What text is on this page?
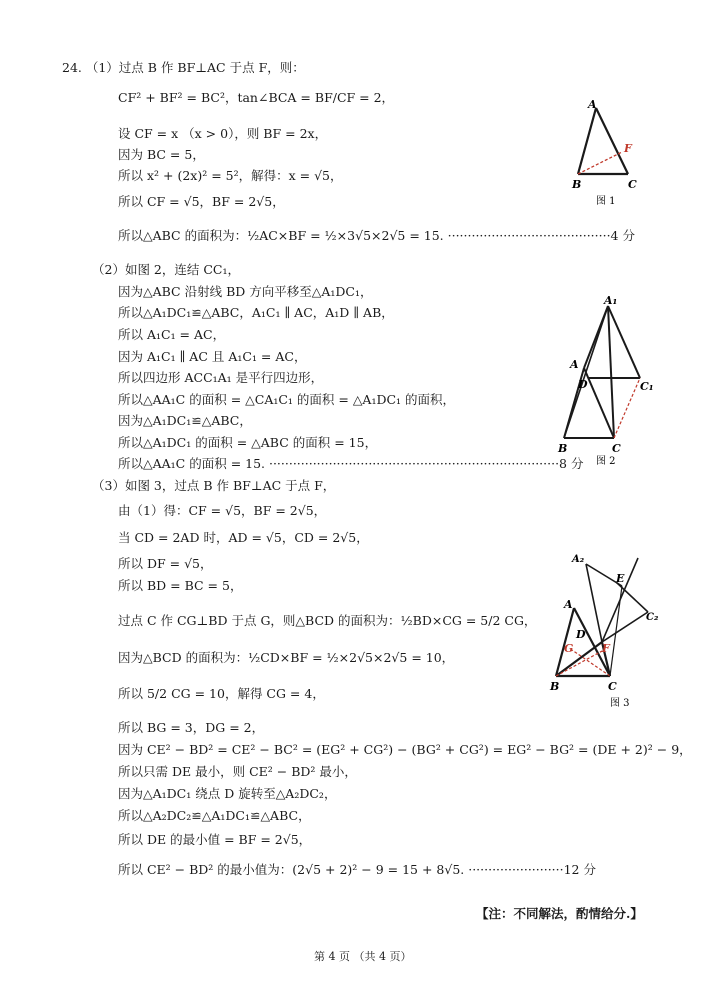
24. （1）过点 B 作 BF⊥AC 于点 F，则：
CF² + BF² = BC²，tan∠BCA = BF/CF = 2，
设 CF = x （x > 0），则 BF = 2x，
因为 BC = 5，
所以 x² + (2x)² = 5²，解得：x = √5，
所以 CF = √5，BF = 2√5，
所以△ABC 的面积为：½AC×BF = ½×3√5×2√5 = 15. ·········································4 分
（2）如图 2，连结 CC₁，
因为△ABC 沿射线 BD 方向平移至△A₁DC₁，
所以△A₁DC₁≌△ABC，A₁C₁ ∥ AC，A₁D ∥ AB，
所以 A₁C₁ = AC，
因为 A₁C₁ ∥ AC 且 A₁C₁ = AC，
所以四边形 ACC₁A₁ 是平行四边形，
所以△AA₁C 的面积 = △CA₁C₁ 的面积 = △A₁DC₁ 的面积，
因为△A₁DC₁≌△ABC，
所以△A₁DC₁ 的面积 = △ABC 的面积 = 15，
所以△AA₁C 的面积 = 15. ·········································································8 分
（3）如图 3，过点 B 作 BF⊥AC 于点 F，
由（1）得：CF = √5，BF = 2√5，
当 CD = 2AD 时，AD = √5，CD = 2√5，
所以 DF = √5，
所以 BD = BC = 5，
过点 C 作 CG⊥BD 于点 G，则△BCD 的面积为：½BD×CG = 5/2 CG，
因为△BCD 的面积为：½CD×BF = ½×2√5×2√5 = 10，
所以 5/2 CG = 10，解得 CG = 4，
所以 BG = 3，DG = 2，
因为 CE² − BD² = CE² − BC² = (EG² + CG²) − (BG² + CG²) = EG² − BG² = (DE + 2)² − 9，
所以只需 DE 最小，则 CE² − BD² 最小，
因为△A₁DC₁ 绕点 D 旋转至△A₂DC₂，
所以△A₂DC₂≌△A₁DC₁≌△ABC，
所以 DE 的最小值 = BF = 2√5，
所以 CE² − BD² 的最小值为：(2√5 + 2)² − 9 = 15 + 8√5. ························12 分
A
B	C
F
图 1
A₁
A
D	C₁
B	C
图 2
A₂
E
A
D
C₂
G	F
B	C
图 3
【注：不同解法，酌情给分.】
第 4 页 （共 4 页）
